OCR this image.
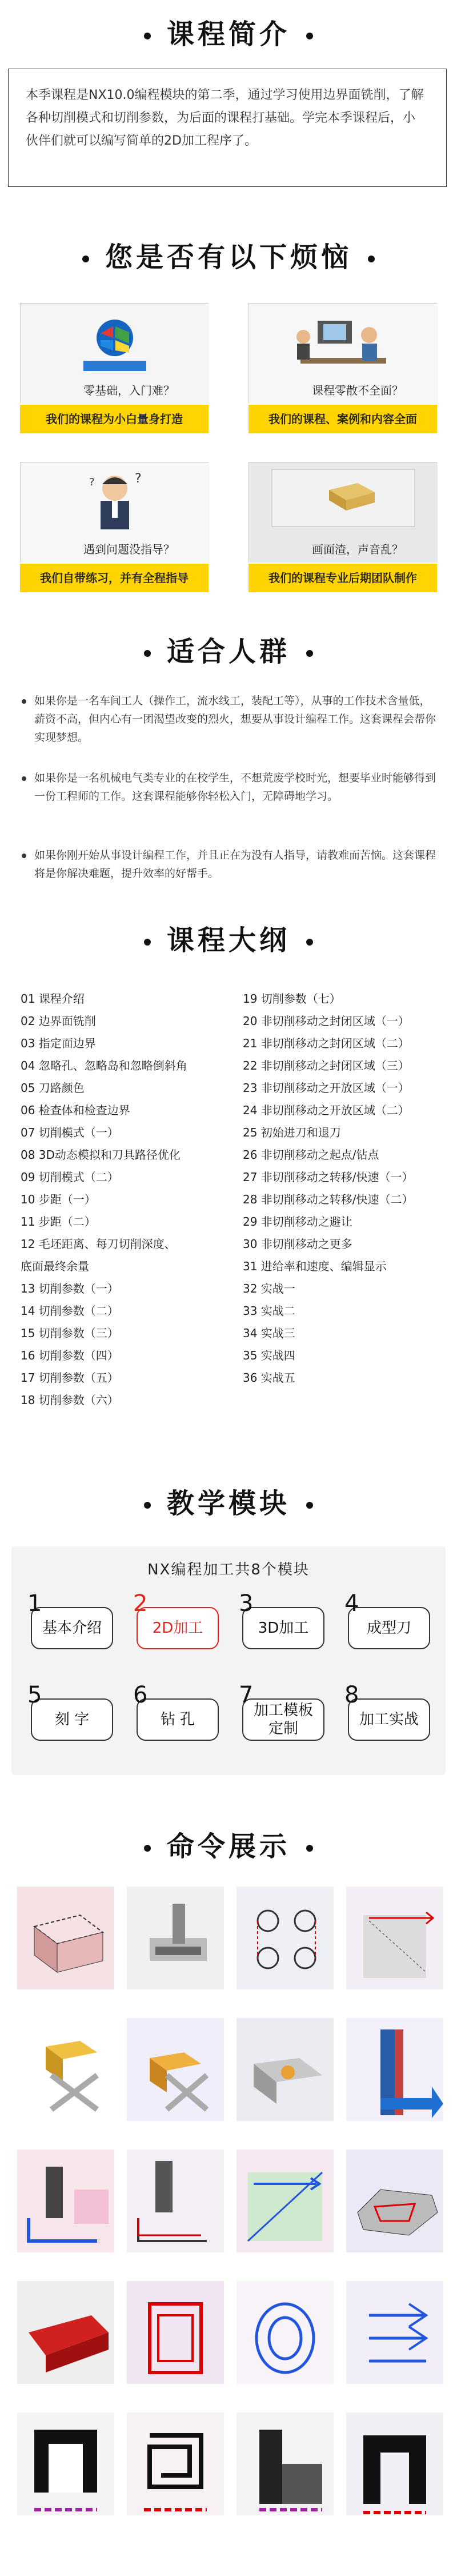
课程简介
本季课程是NX10.0编程模块的第二季，通过学习使用边界面铣削，了解各种切削模式和切削参数，为后面的课程打基础。学完本季课程后，小伙伴们就可以编写简单的2D加工程序了。
您是否有以下烦恼
零基础，入门难？
我们的课程为小白量身打造
课程零散不全面？
我们的课程、案例和内容全面
?
?
遇到问题没指导？
我们自带练习，并有全程指导
画面渣，声音乱？
我们的课程专业后期团队制作
适合人群
如果你是一名车间工人（操作工，流水线工，装配工等），从事的工作技术含量低，薪资不高，但内心有一团渴望改变的烈火，想要从事设计编程工作。这套课程会帮你实现梦想。
如果你是一名机械电气类专业的在校学生，不想荒废学校时光，想要毕业时能够得到一份工程师的工作。这套课程能够你轻松入门，无障碍地学习。
如果你刚开始从事设计编程工作，并且正在为没有人指导，请教难而苦恼。这套课程将是你解决难题，提升效率的好帮手。
课程大纲
01 课程介绍
02 边界面铣削
03 指定面边界
04 忽略孔、忽略岛和忽略倒斜角
05 刀路颜色
06 检查体和检查边界
07 切削模式（一）
08 3D动态模拟和刀具路径优化
09 切削模式（二）
10 步距（一）
11 步距（二）
12 毛坯距离、每刀切削深度、
底面最终余量
13 切削参数（一）
14 切削参数（二）
15 切削参数（三）
16 切削参数（四）
17 切削参数（五）
18 切削参数（六）
19 切削参数（七）
20 非切削移动之封闭区域（一）
21 非切削移动之封闭区域（二）
22 非切削移动之封闭区域（三）
23 非切削移动之开放区域（一）
24 非切削移动之开放区域（二）
25 初始进刀和退刀
26 非切削移动之起点/钻点
27 非切削移动之转移/快速（一）
28 非切削移动之转移/快速（二）
29 非切削移动之避让
30 非切削移动之更多
31 进给率和速度、编辑显示
32 实战一
33 实战二
34 实战三
35 实战四
36 实战五
教学模块
NX编程加工共8个模块
基本介绍
1
2D加工
2
3D加工
3
成型刀
4
刻 字
5
钻 孔
6
加工模板
定制
7
加工实战
8
命令展示
